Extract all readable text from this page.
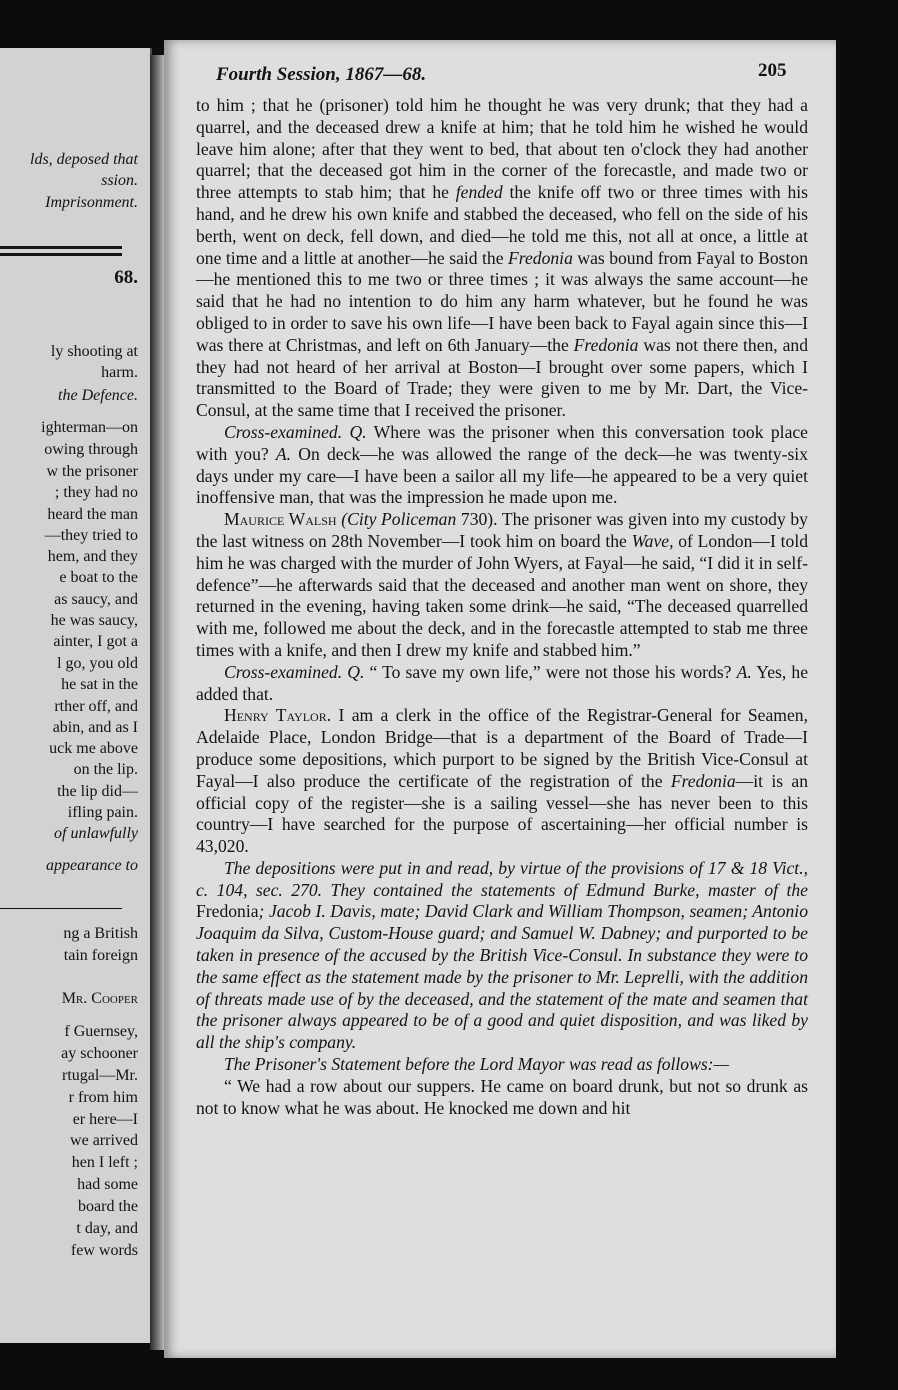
lds, deposed that
ssion.
Imprisonment.
68.
ly shooting at
harm.
the Defence.
ighterman—on
owing through
w the prisoner
; they had no
heard the man
—they tried to
hem, and they
e boat to the
as saucy, and
he was saucy,
ainter, I got a
l go, you old
he sat in the
rther off, and
abin, and as I
uck me above
on the lip.
the lip did—
ifling pain.
of unlawfully
appearance to
ng a British
tain foreign
Mr. Cooper
f Guernsey,
ay schooner
rtugal—Mr.
r from him
er here—I
we arrived
hen I left ;
had some
board the
t day, and
few words
Fourth Session, 1867—68.	205

to him ; that he (prisoner) told him he thought he was very drunk; that they had a quarrel, and the deceased drew a knife at him; that he told him he wished he would leave him alone; after that they went to bed, that about ten o'clock they had another quarrel; that the deceased got him in the corner of the forecastle, and made two or three attempts to stab him; that he fended the knife off two or three times with his hand, and he drew his own knife and stabbed the deceased, who fell on the side of his berth, went on deck, fell down, and died—he told me this, not all at once, a little at one time and a little at another—he said the Fredonia was bound from Fayal to Boston—he mentioned this to me two or three times ; it was always the same account—he said that he had no intention to do him any harm whatever, but he found he was obliged to in order to save his own life—I have been back to Fayal again since this—I was there at Christmas, and left on 6th January—the Fredonia was not there then, and they had not heard of her arrival at Boston—I brought over some papers, which I transmitted to the Board of Trade; they were given to me by Mr. Dart, the Vice-Consul, at the same time that I received the prisoner.

Cross-examined. Q. Where was the prisoner when this conversation took place with you? A. On deck—he was allowed the range of the deck—he was twenty-six days under my care—I have been a sailor all my life—he appeared to be a very quiet inoffensive man, that was the impression he made upon me.

Maurice Walsh (City Policeman 730). The prisoner was given into my custody by the last witness on 28th November—I took him on board the Wave, of London—I told him he was charged with the murder of John Wyers, at Fayal—he said, “I did it in self-defence”—he afterwards said that the deceased and another man went on shore, they returned in the evening, having taken some drink—he said, “The deceased quarrelled with me, followed me about the deck, and in the forecastle attempted to stab me three times with a knife, and then I drew my knife and stabbed him.”

Cross-examined. Q. “ To save my own life,” were not those his words? A. Yes, he added that.

Henry Taylor. I am a clerk in the office of the Registrar-General for Seamen, Adelaide Place, London Bridge—that is a department of the Board of Trade—I produce some depositions, which purport to be signed by the British Vice-Consul at Fayal—I also produce the certificate of the registration of the Fredonia—it is an official copy of the register—she is a sailing vessel—she has never been to this country—I have searched for the purpose of ascertaining—her official number is 43,020.

The depositions were put in and read, by virtue of the provisions of 17 & 18 Vict., c. 104, sec. 270. They contained the statements of Edmund Burke, master of the Fredonia; Jacob I. Davis, mate; David Clark and William Thompson, seamen; Antonio Joaquim da Silva, Custom-House guard; and Samuel W. Dabney; and purported to be taken in presence of the accused by the British Vice-Consul. In substance they were to the same effect as the statement made by the prisoner to Mr. Leprelli, with the addition of threats made use of by the deceased, and the statement of the mate and seamen that the prisoner always appeared to be of a good and quiet disposition, and was liked by all the ship's company.

The Prisoner's Statement before the Lord Mayor was read as follows:—

“ We had a row about our suppers. He came on board drunk, but not so drunk as not to know what he was about. He knocked me down and hit
